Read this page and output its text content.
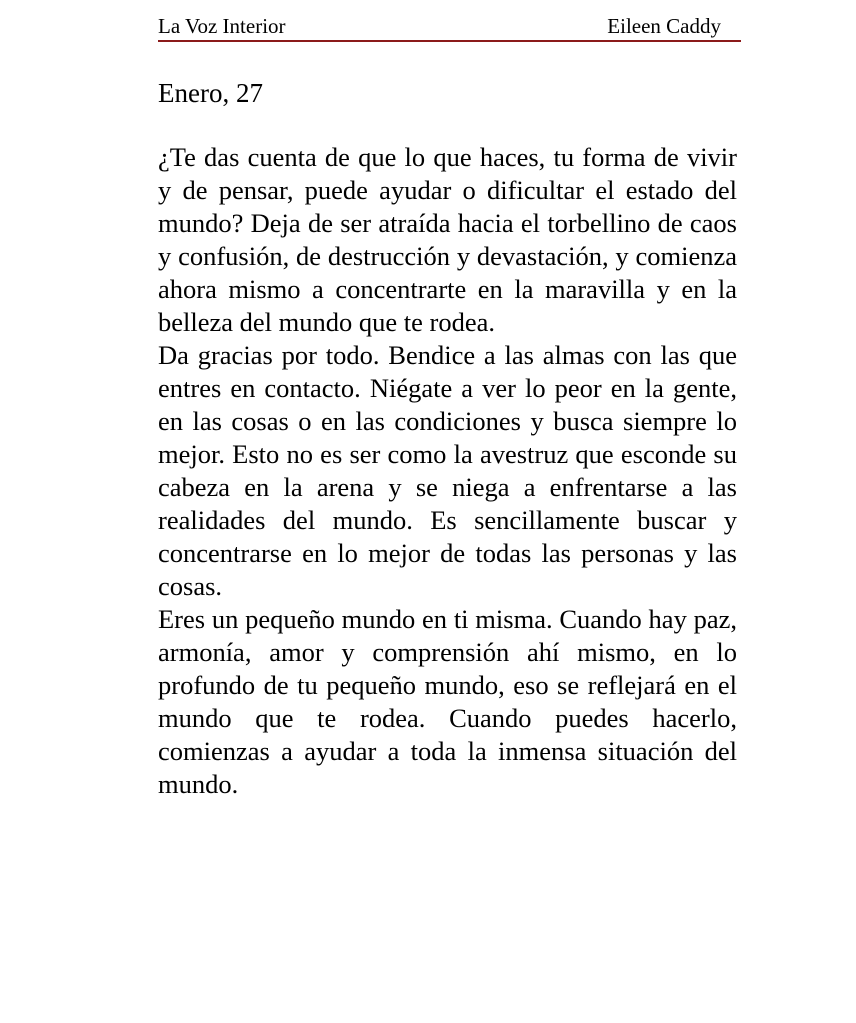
La Voz Interior	Eileen Caddy
Enero, 27

¿Te das cuenta de que lo que haces, tu forma de vivir y de pensar, puede ayudar o dificultar el estado del mundo? Deja de ser atraída hacia el torbellino de caos y confusión, de destrucción y devastación, y comienza ahora mismo a concentrarte en la maravilla y en la belleza del mundo que te rodea.

Da gracias por todo. Bendice a las almas con las que entres en contacto. Niégate a ver lo peor en la gente, en las cosas o en las condiciones y busca siempre lo mejor. Esto no es ser como la avestruz que esconde su cabeza en la arena y se niega a enfrentarse a las realidades del mundo. Es sencillamente buscar y concentrarse en lo mejor de todas las personas y las cosas.

Eres un pequeño mundo en ti misma. Cuando hay paz, armonía, amor y comprensión ahí mismo, en lo profundo de tu pequeño mundo, eso se reflejará en el mundo que te rodea. Cuando puedes hacerlo, comienzas a ayudar a toda la inmensa situación del mundo.
